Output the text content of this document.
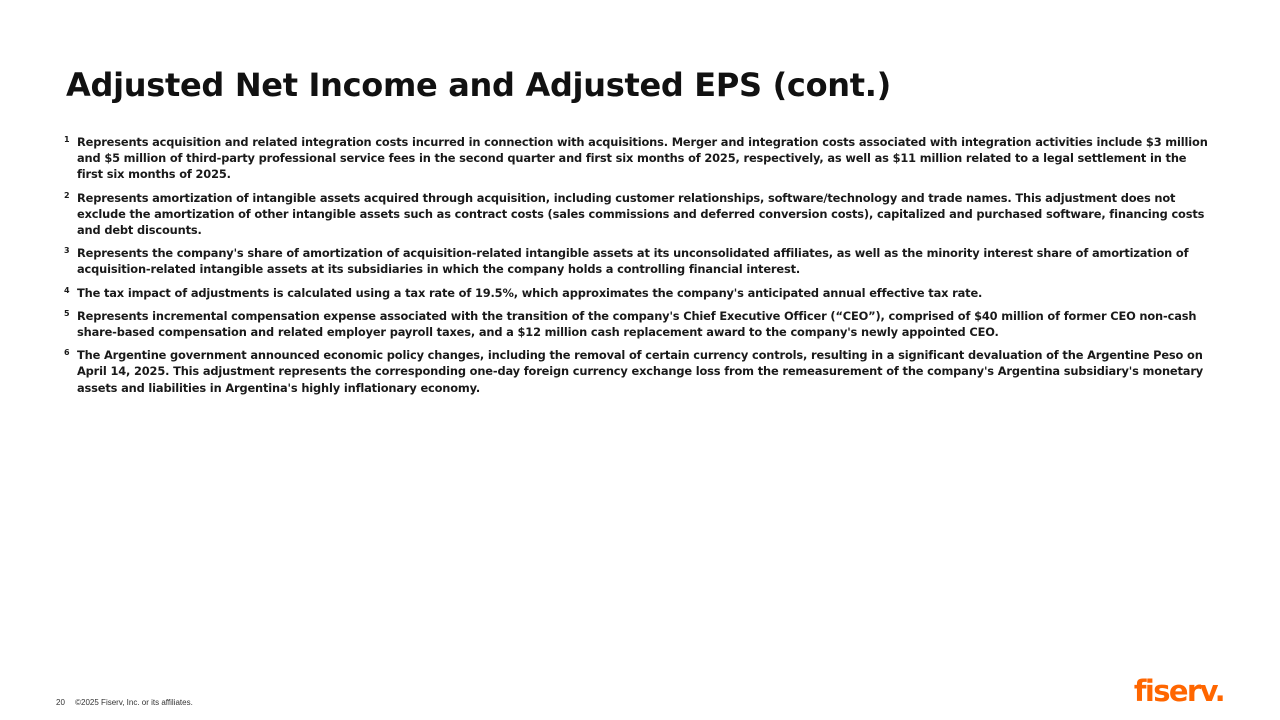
Adjusted Net Income and Adjusted EPS (cont.)
1 Represents acquisition and related integration costs incurred in connection with acquisitions. Merger and integration costs associated with integration activities include $3 million and $5 million of third-party professional service fees in the second quarter and first six months of 2025, respectively, as well as $11 million related to a legal settlement in the first six months of 2025.
2 Represents amortization of intangible assets acquired through acquisition, including customer relationships, software/technology and trade names. This adjustment does not exclude the amortization of other intangible assets such as contract costs (sales commissions and deferred conversion costs), capitalized and purchased software, financing costs and debt discounts.
3 Represents the company's share of amortization of acquisition-related intangible assets at its unconsolidated affiliates, as well as the minority interest share of amortization of acquisition-related intangible assets at its subsidiaries in which the company holds a controlling financial interest.
4 The tax impact of adjustments is calculated using a tax rate of 19.5%, which approximates the company's anticipated annual effective tax rate.
5 Represents incremental compensation expense associated with the transition of the company's Chief Executive Officer (“CEO”), comprised of $40 million of former CEO non-cash share-based compensation and related employer payroll taxes, and a $12 million cash replacement award to the company's newly appointed CEO.
6 The Argentine government announced economic policy changes, including the removal of certain currency controls, resulting in a significant devaluation of the Argentine Peso on April 14, 2025. This adjustment represents the corresponding one-day foreign currency exchange loss from the remeasurement of the company's Argentina subsidiary's monetary assets and liabilities in Argentina's highly inflationary economy.
20 ©2025 Fiserv, Inc. or its affiliates.	fiserv.
